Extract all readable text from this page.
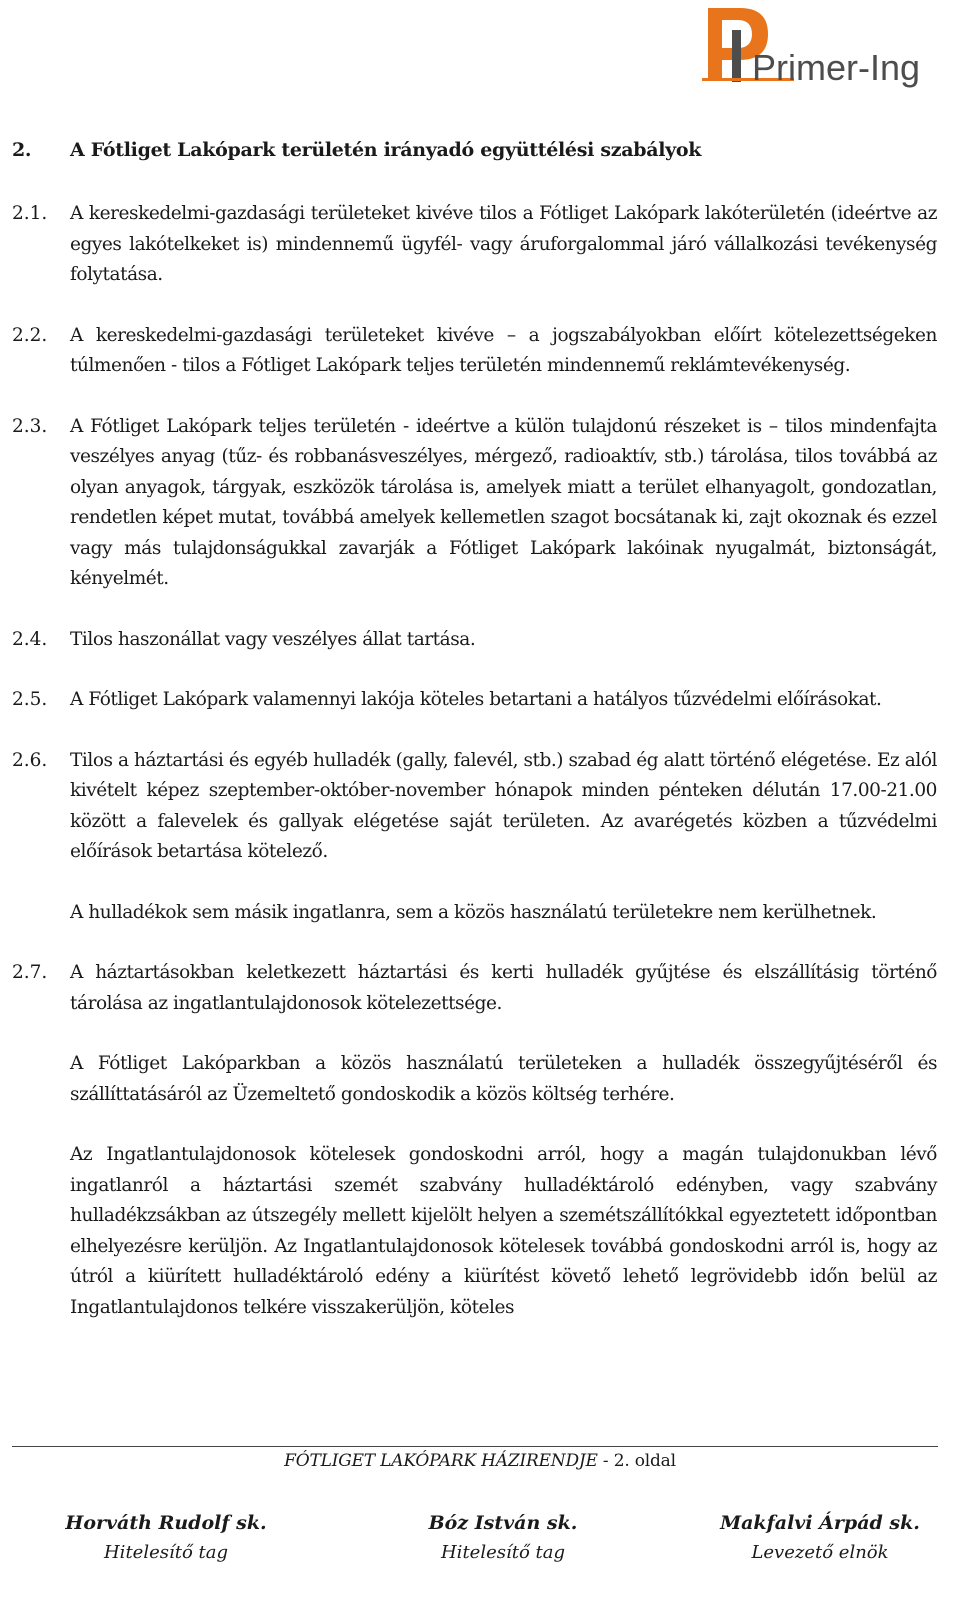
Primer-Ing
2. A Fótliget Lakópark területén irányadó együttélési szabályok
2.1.	A kereskedelmi-gazdasági területeket kivéve tilos a Fótliget Lakópark lakóterületén (ideértve az egyes lakótelkeket is) mindennemű ügyfél- vagy áruforgalommal járó vállalkozási tevékenység folytatása.

2.2.	A kereskedelmi-gazdasági területeket kivéve – a jogszabályokban előírt kötelezettségeken túlmenően - tilos a Fótliget Lakópark teljes területén mindennemű reklámtevékenység.

2.3.	A Fótliget Lakópark teljes területén - ideértve a külön tulajdonú részeket is – tilos mindenfajta veszélyes anyag (tűz- és robbanásveszélyes, mérgező, radioaktív, stb.) tárolása, tilos továbbá az olyan anyagok, tárgyak, eszközök tárolása is, amelyek miatt a terület elhanyagolt, gondozatlan, rendetlen képet mutat, továbbá amelyek kellemetlen szagot bocsátanak ki, zajt okoznak és ezzel vagy más tulajdonságukkal zavarják a Fótliget Lakópark lakóinak nyugalmát, biztonságát, kényelmét.

2.4.	Tilos haszonállat vagy veszélyes állat tartása.

2.5.	A Fótliget Lakópark valamennyi lakója köteles betartani a hatályos tűzvédelmi előírásokat.

2.6.	Tilos a háztartási és egyéb hulladék (gally, falevél, stb.) szabad ég alatt történő elégetése. Ez alól kivételt képez szeptember-október-november hónapok minden pénteken délután 17.00-21.00 között a falevelek és gallyak elégetése saját területen. Az avarégetés közben a tűzvédelmi előírások betartása kötelező.

A hulladékok sem másik ingatlanra, sem a közös használatú területekre nem kerülhetnek.

2.7.	A háztartásokban keletkezett háztartási és kerti hulladék gyűjtése és elszállításig történő tárolása az ingatlantulajdonosok kötelezettsége.

A Fótliget Lakóparkban a közös használatú területeken a hulladék összegyűjtéséről és szállíttatásáról az Üzemeltető gondoskodik a közös költség terhére.

Az Ingatlantulajdonosok kötelesek gondoskodni arról, hogy a magán tulajdonukban lévő ingatlanról a háztartási szemét szabvány hulladéktároló edényben, vagy szabvány hulladékzsákban az útszegély mellett kijelölt helyen a szemétszállítókkal egyeztetett időpontban elhelyezésre kerüljön. Az Ingatlantulajdonosok kötelesek továbbá gondoskodni arról is, hogy az útról a kiürített hulladéktároló edény a kiürítést követő lehető legrövidebb időn belül az Ingatlantulajdonos telkére visszakerüljön, köteles

FÓTLIGET LAKÓPARK HÁZIRENDJE - 2. oldal
Horváth Rudolf sk.
Hitelesítő tag
Bóz István sk.
Hitelesítő tag
Makfalvi Árpád sk.
Levezető elnök
